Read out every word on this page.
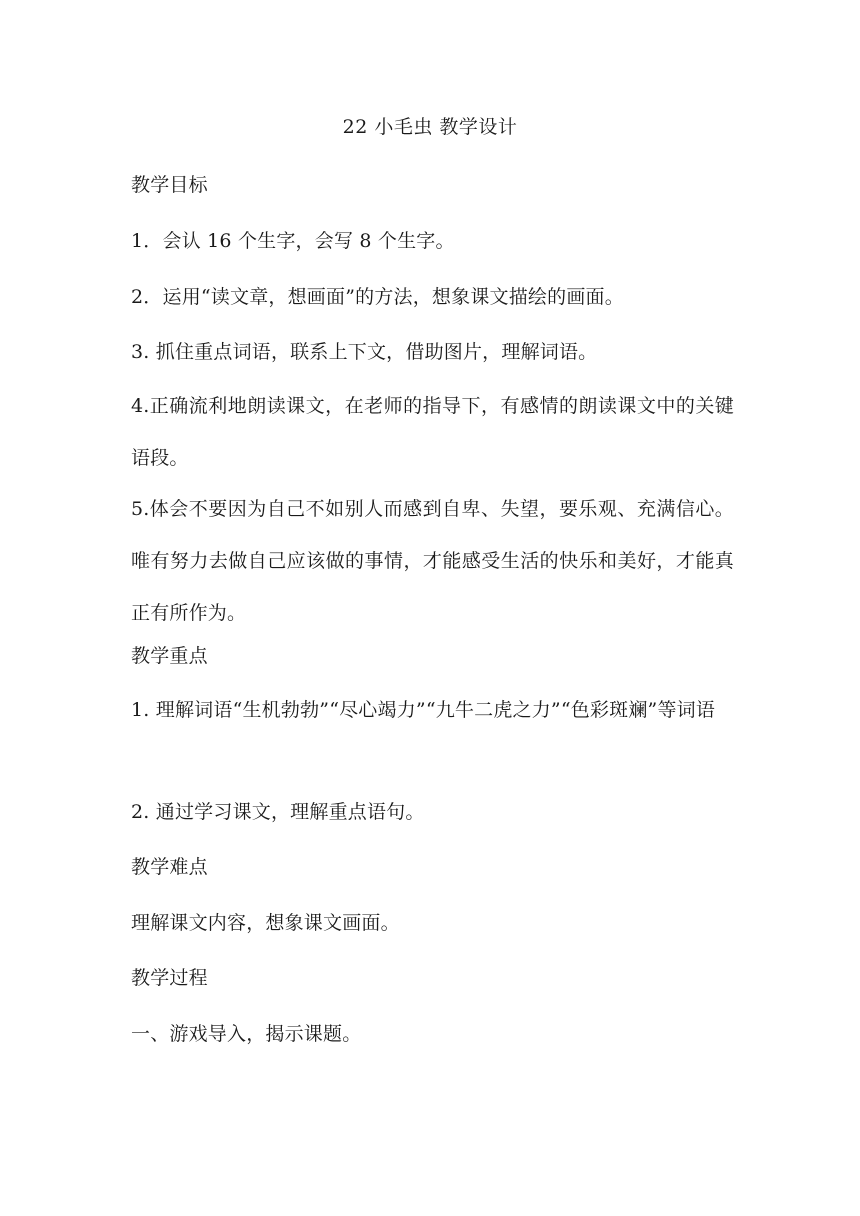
22 小毛虫 教学设计
教学目标
1．会认 16 个生字，会写 8 个生字。
2．运用“读文章，想画面”的方法，想象课文描绘的画面。
3. 抓住重点词语，联系上下文，借助图片，理解词语。
4.正确流利地朗读课文，在老师的指导下，有感情的朗读课文中的关键语段。
5.体会不要因为自己不如别人而感到自卑、失望，要乐观、充满信心。唯有努力去做自己应该做的事情，才能感受生活的快乐和美好，才能真正有所作为。
教学重点
1. 理解词语“生机勃勃”“尽心竭力”“九牛二虎之力”“色彩斑斓”等词语
2. 通过学习课文，理解重点语句。
教学难点
理解课文内容，想象课文画面。
教学过程
一、游戏导入，揭示课题。
